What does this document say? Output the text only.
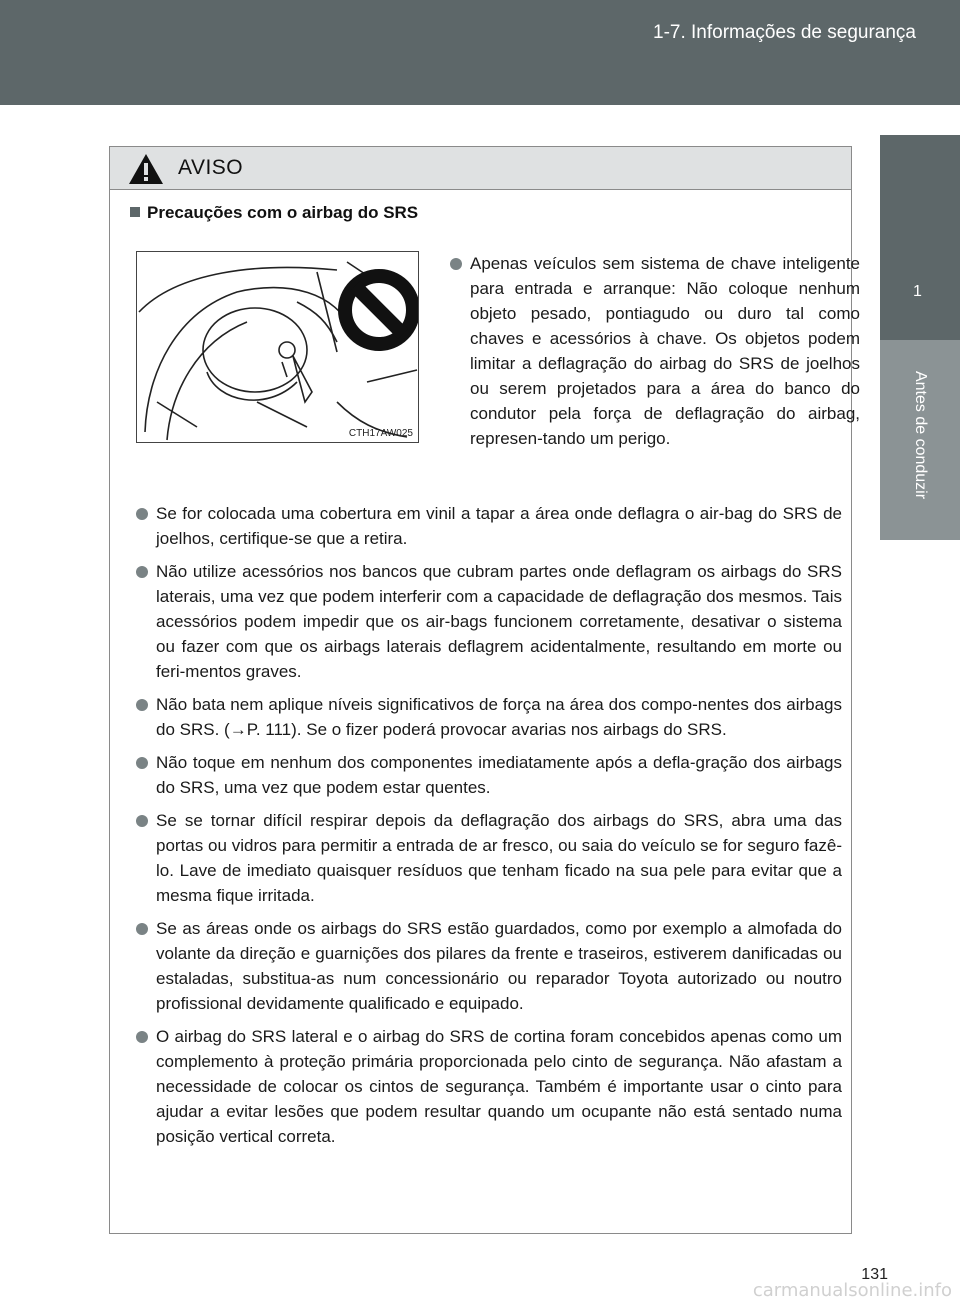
1-7. Informações de segurança
1
Antes de conduzir
AVISO
Precauções com o airbag do SRS
CTH17AW025
Apenas veículos sem sistema de chave inteligente para entrada e arranque: Não coloque nenhum objeto pesado, pontiagudo ou duro tal como chaves e acessórios à chave. Os objetos podem limitar a deflagração do airbag do SRS de joelhos ou serem projetados para a área do banco do condutor pela força de deflagração do airbag, represen-tando um perigo.
Se for colocada uma cobertura em vinil a tapar a área onde deflagra o air-bag do SRS de joelhos, certifique-se que a retira.
Não utilize acessórios nos bancos que cubram partes onde deflagram os airbags do SRS laterais, uma vez que podem interferir com a capacidade de deflagração dos mesmos. Tais acessórios podem impedir que os air-bags funcionem corretamente, desativar o sistema ou fazer com que os airbags laterais deflagrem acidentalmente, resultando em morte ou feri-mentos graves.
Não bata nem aplique níveis significativos de força na área dos compo-nentes dos airbags do SRS. (→P. 111). Se o fizer poderá provocar avarias nos airbags do SRS.
Não toque em nenhum dos componentes imediatamente após a defla-gração dos airbags do SRS, uma vez que podem estar quentes.
Se se tornar difícil respirar depois da deflagração dos airbags do SRS, abra uma das portas ou vidros para permitir a entrada de ar fresco, ou saia do veículo se for seguro fazê-lo. Lave de imediato quaisquer resíduos que tenham ficado na sua pele para evitar que a mesma fique irritada.
Se as áreas onde os airbags do SRS estão guardados, como por exemplo a almofada do volante da direção e guarnições dos pilares da frente e traseiros, estiverem danificadas ou estaladas, substitua-as num concessionário ou reparador Toyota autorizado ou noutro profissional devidamente qualificado e equipado.
O airbag do SRS lateral e o airbag do SRS de cortina foram concebidos apenas como um complemento à proteção primária proporcionada pelo cinto de segurança. Não afastam a necessidade de colocar os cintos de segurança. Também é importante usar o cinto para ajudar a evitar lesões que podem resultar quando um ocupante não está sentado numa posição vertical correta.
131
carmanualsonline.info
